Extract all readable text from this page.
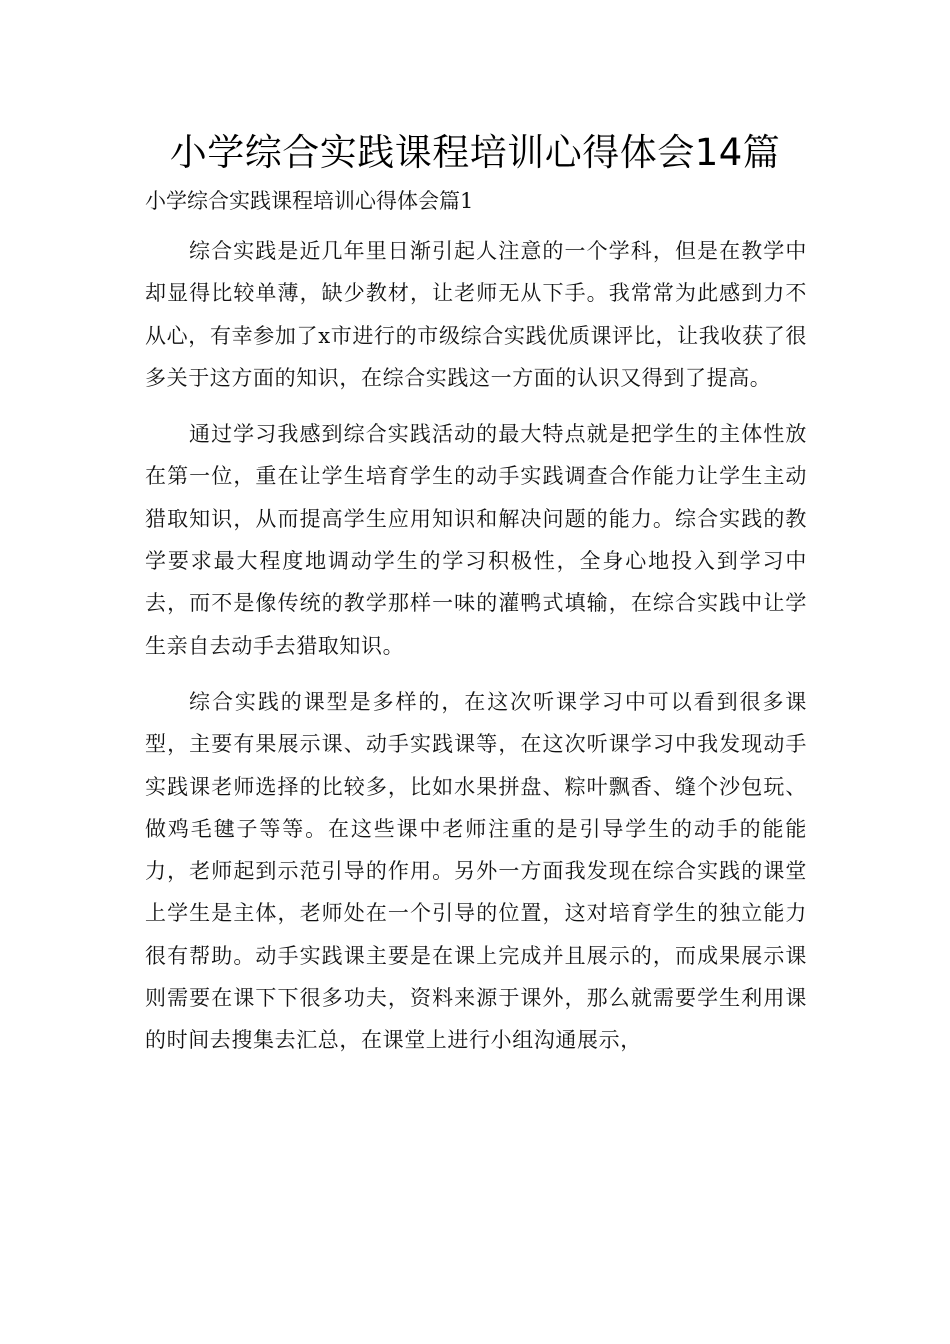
小学综合实践课程培训心得体会14篇
小学综合实践课程培训心得体会篇1

综合实践是近几年里日渐引起人注意的一个学科，但是在教学中却显得比较单薄，缺少教材，让老师无从下手。我常常为此感到力不从心，有幸参加了x市进行的市级综合实践优质课评比，让我收获了很多关于这方面的知识，在综合实践这一方面的认识又得到了提高。

通过学习我感到综合实践活动的最大特点就是把学生的主体性放在第一位，重在让学生培育学生的动手实践调查合作能力让学生主动猎取知识，从而提高学生应用知识和解决问题的能力。综合实践的教学要求最大程度地调动学生的学习积极性，全身心地投入到学习中去，而不是像传统的教学那样一味的灌鸭式填输，在综合实践中让学生亲自去动手去猎取知识。

综合实践的课型是多样的，在这次听课学习中可以看到很多课型，主要有果展示课、动手实践课等，在这次听课学习中我发现动手实践课老师选择的比较多，比如水果拼盘、粽叶飘香、缝个沙包玩、做鸡毛毽子等等。在这些课中老师注重的是引导学生的动手的能能力，老师起到示范引导的作用。另外一方面我发现在综合实践的课堂上学生是主体，老师处在一个引导的位置，这对培育学生的独立能力很有帮助。动手实践课主要是在课上完成并且展示的，而成果展示课则需要在课下下很多功夫，资料来源于课外，那么就需要学生利用课的时间去搜集去汇总，在课堂上进行小组沟通展示，
